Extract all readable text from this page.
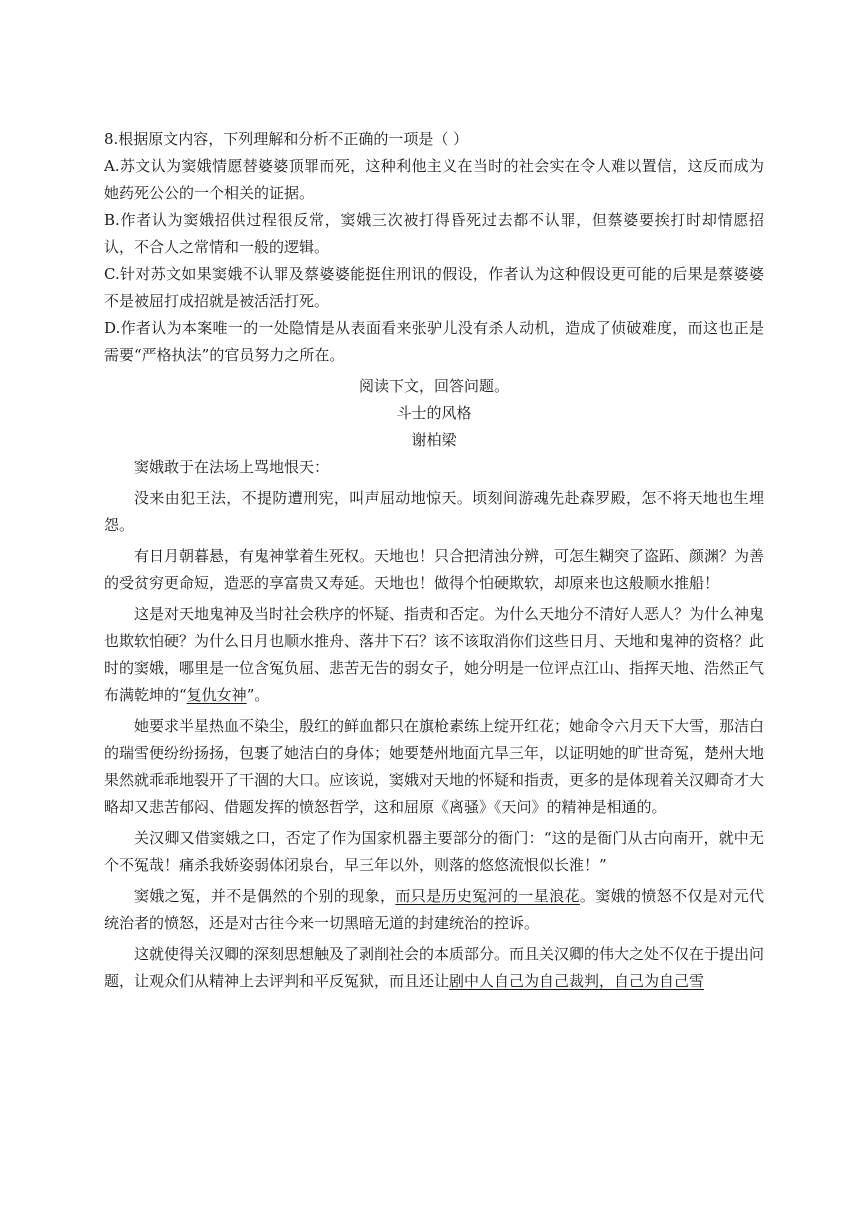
8.根据原文内容，下列理解和分析不正确的一项是（ ）

A.苏文认为窦娥情愿替婆婆顶罪而死，这种利他主义在当时的社会实在令人难以置信，这反而成为她药死公公的一个相关的证据。

B.作者认为窦娥招供过程很反常，窦娥三次被打得昏死过去都不认罪，但蔡婆要挨打时却情愿招认，不合人之常情和一般的逻辑。

C.针对苏文如果窦娥不认罪及蔡婆婆能挺住刑讯的假设，作者认为这种假设更可能的后果是蔡婆婆不是被屈打成招就是被活活打死。

D.作者认为本案唯一的一处隐情是从表面看来张驴儿没有杀人动机，造成了侦破难度，而这也正是需要“严格执法”的官员努力之所在。

阅读下文，回答问题。

斗士的风格

谢柏梁

窦娥敢于在法场上骂地恨天：

没来由犯王法，不提防遭刑宪，叫声屈动地惊天。顷刻间游魂先赴森罗殿，怎不将天地也生埋怨。

有日月朝暮悬，有鬼神掌着生死权。天地也！只合把清浊分辨，可怎生糊突了盗跖、颜渊？为善的受贫穷更命短，造恶的享富贵又寿延。天地也！做得个怕硬欺软，却原来也这般顺水推船！

这是对天地鬼神及当时社会秩序的怀疑、指责和否定。为什么天地分不清好人恶人？为什么神鬼也欺软怕硬？为什么日月也顺水推舟、落井下石？该不该取消你们这些日月、天地和鬼神的资格？此时的窦娥，哪里是一位含冤负屈、悲苦无告的弱女子，她分明是一位评点江山、指挥天地、浩然正气布满乾坤的“复仇女神”。

她要求半星热血不染尘，殷红的鲜血都只在旗枪素练上绽开红花；她命令六月天下大雪，那洁白的瑞雪便纷纷扬扬，包裹了她洁白的身体；她要楚州地面亢旱三年，以证明她的旷世奇冤，楚州大地果然就乖乖地裂开了干涸的大口。应该说，窦娥对天地的怀疑和指责，更多的是体现着关汉卿奇才大略却又悲苦郁闷、借题发挥的愤怒哲学，这和屈原《离骚》《天问》的精神是相通的。

关汉卿又借窦娥之口，否定了作为国家机器主要部分的衙门：“这的是衙门从古向南开，就中无个不冤哉！痛杀我娇姿弱体闭泉台，早三年以外，则落的悠悠流恨似长淮！”

窦娥之冤，并不是偶然的个别的现象，而只是历史冤河的一星浪花。窦娥的愤怒不仅是对元代统治者的愤怒，还是对古往今来一切黑暗无道的封建统治的控诉。

这就使得关汉卿的深刻思想触及了剥削社会的本质部分。而且关汉卿的伟大之处不仅在于提出问题，让观众们从精神上去评判和平反冤狱，而且还让剧中人自己为自己裁判，自己为自己雪
